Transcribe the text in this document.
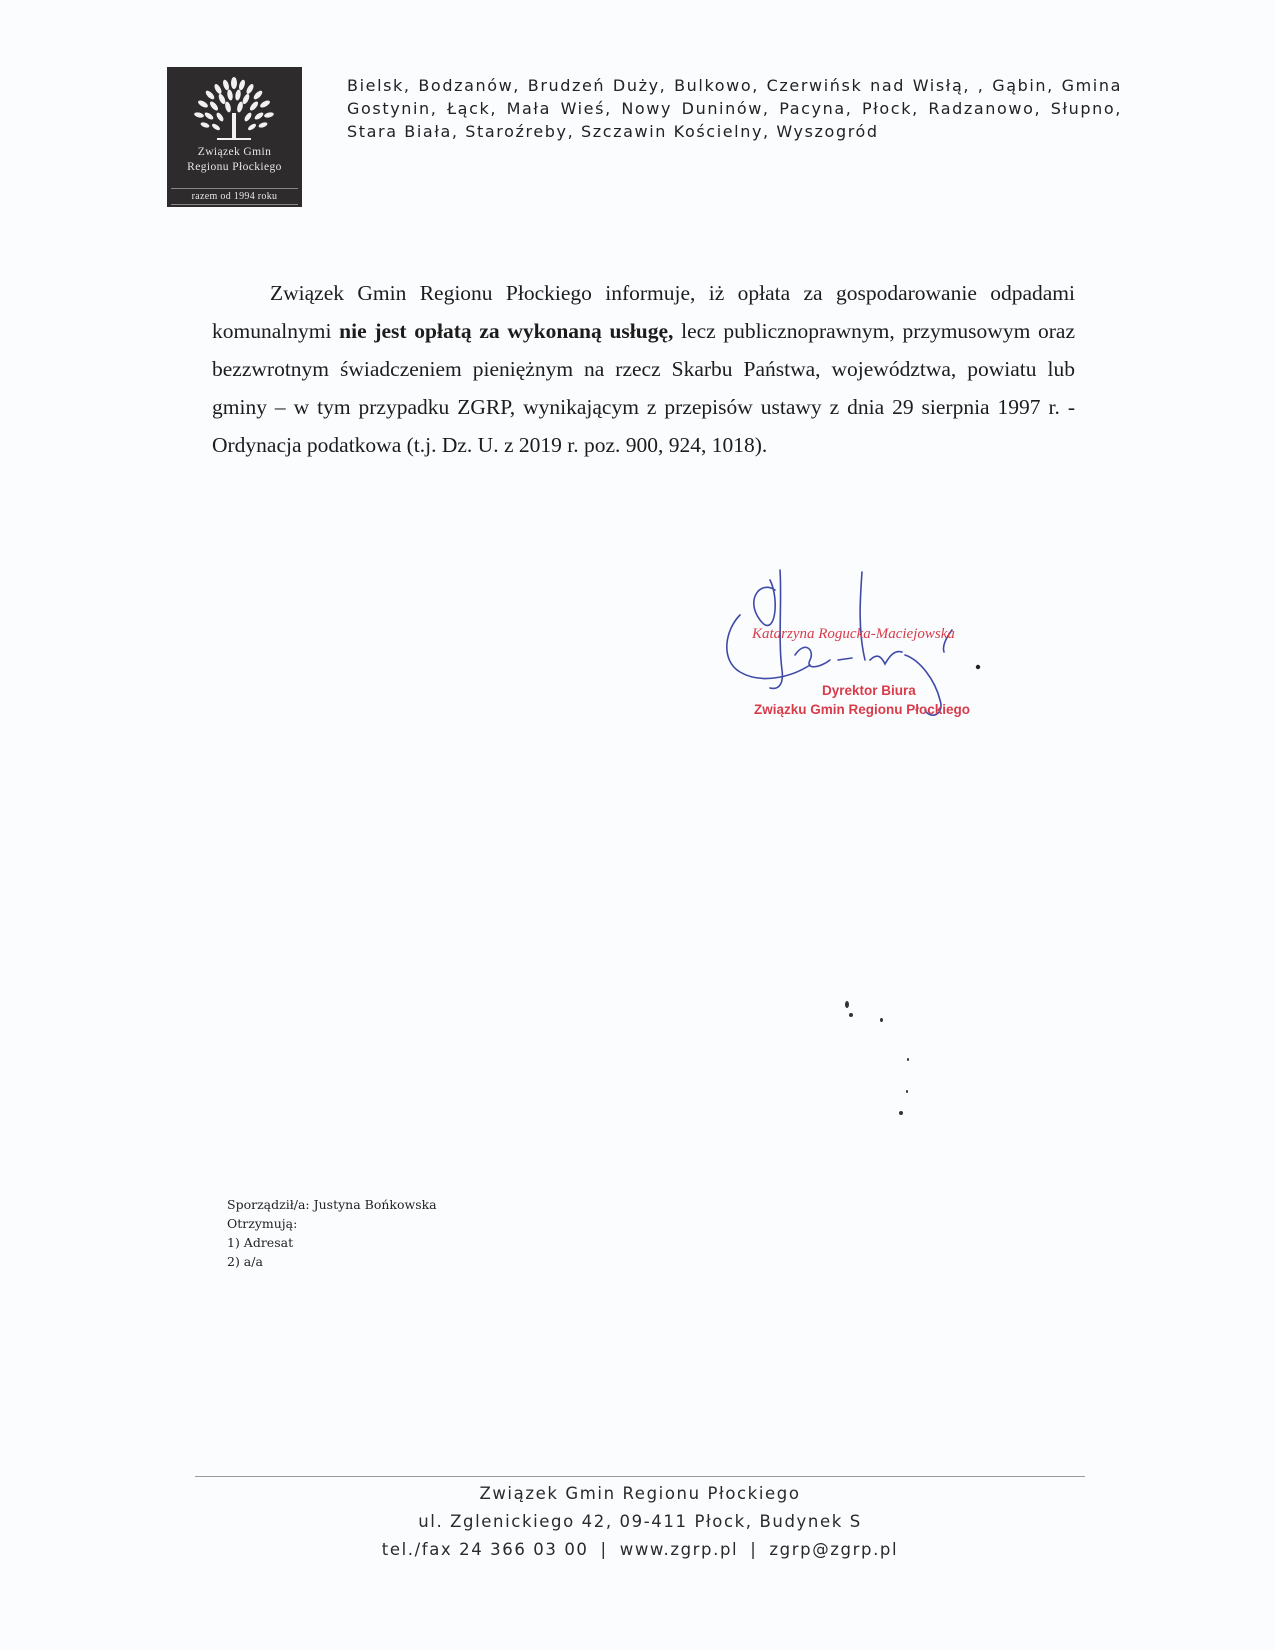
Związek Gmin
Regionu Płockiego
razem od 1994 roku
Bielsk, Bodzanów, Brudzeń Duży, Bulkowo, Czerwińsk nad Wisłą, , Gąbin, Gmina Gostynin, Łąck, Mała Wieś, Nowy Duninów, Pacyna, Płock, Radzanowo, Słupno, Stara Biała, Staroźreby, Szczawin Kościelny, Wyszogród

Związek Gmin Regionu Płockiego informuje, iż opłata za gospodarowanie odpadami komunalnymi nie jest opłatą za wykonaną usługę, lecz publicznoprawnym, przymusowym oraz bezzwrotnym świadczeniem pieniężnym na rzecz Skarbu Państwa, województwa, powiatu lub gminy – w tym przypadku ZGRP, wynikającym z przepisów ustawy z dnia 29 sierpnia 1997 r. - Ordynacja podatkowa (t.j. Dz. U. z 2019 r. poz. 900, 924, 1018).

Katarzyna Rogucka-Maciejowska
Dyrektor Biura
Związku Gmin Regionu Płockiego
Sporządził/a: Justyna Bońkowska
Otrzymują:
1) Adresat
2) a/a
Związek Gmin Regionu Płockiego
ul. Zglenickiego 42, 09-411 Płock, Budynek S
tel./fax 24 366 03 00 | www.zgrp.pl | zgrp@zgrp.pl
